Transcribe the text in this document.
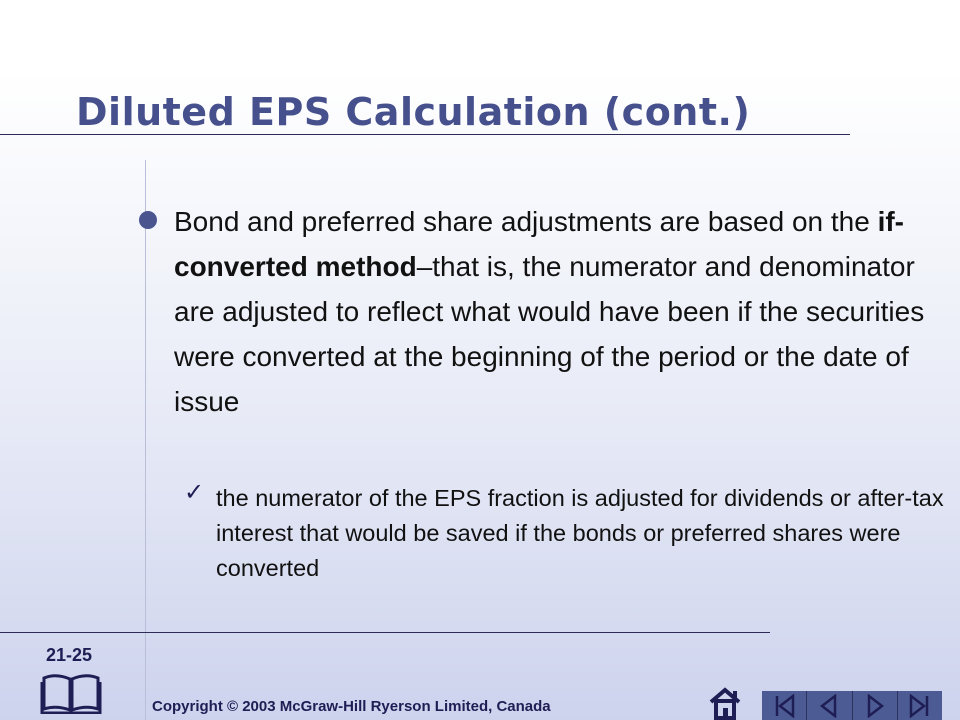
Diluted EPS Calculation (cont.)
Bond and preferred share adjustments are based on the if-converted method–that is, the numerator and denominator are adjusted to reflect what would have been if the securities were converted at the beginning of the period or the date of issue
✓ the numerator of the EPS fraction is adjusted for dividends or after-tax interest that would be saved if the bonds or preferred shares were converted
21-25
Copyright © 2003 McGraw-Hill Ryerson Limited, Canada
